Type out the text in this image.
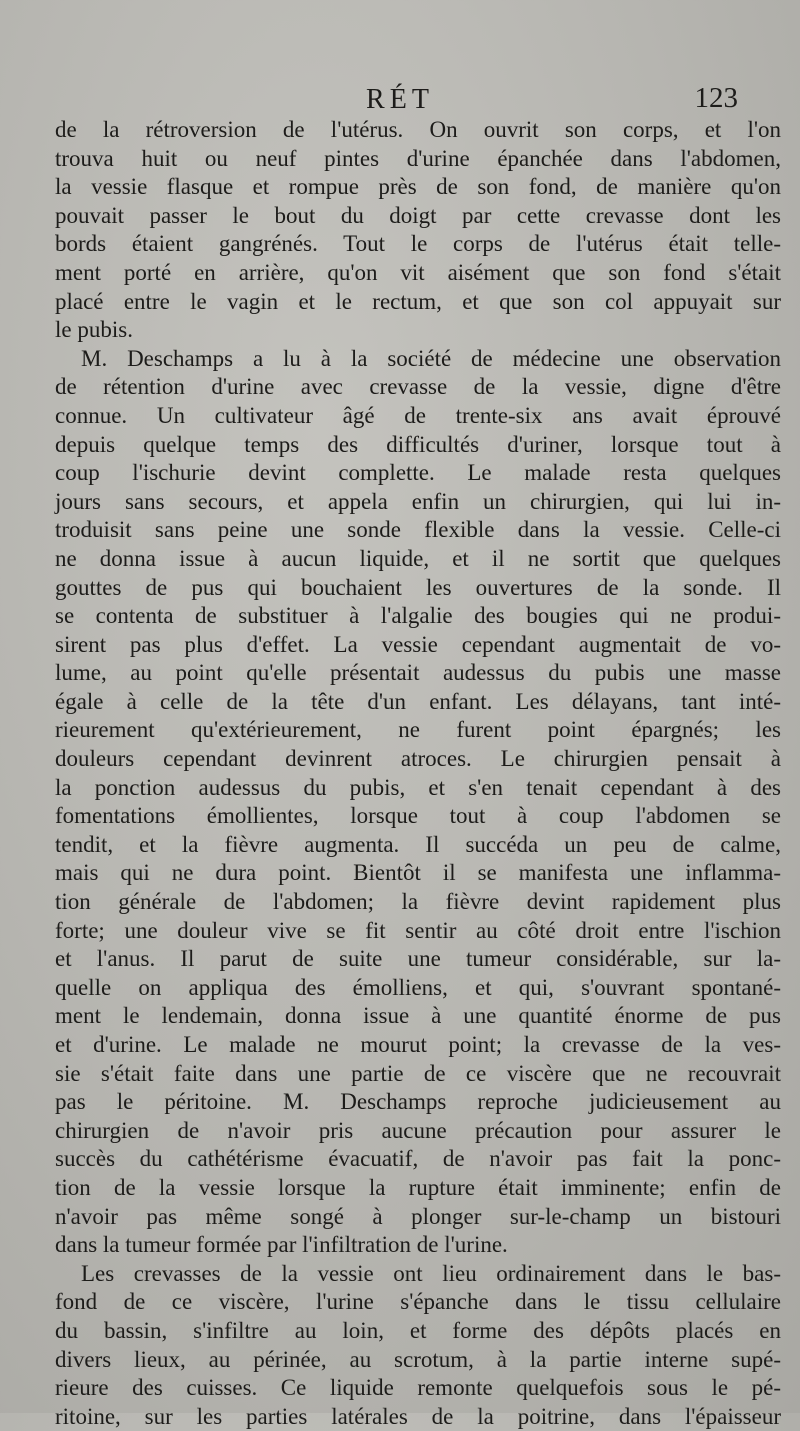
RÉT	123
de la rétroversion de l'utérus. On ouvrit son corps, et l'on
trouva huit ou neuf pintes d'urine épanchée dans l'abdomen,
la vessie flasque et rompue près de son fond, de manière qu'on
pouvait passer le bout du doigt par cette crevasse dont les
bords étaient gangrénés. Tout le corps de l'utérus était telle-
ment porté en arrière, qu'on vit aisément que son fond s'était
placé entre le vagin et le rectum, et que son col appuyait sur
le pubis.
M. Deschamps a lu à la société de médecine une observation
de rétention d'urine avec crevasse de la vessie, digne d'être
connue. Un cultivateur âgé de trente-six ans avait éprouvé
depuis quelque temps des difficultés d'uriner, lorsque tout à
coup l'ischurie devint complette. Le malade resta quelques
jours sans secours, et appela enfin un chirurgien, qui lui in-
troduisit sans peine une sonde flexible dans la vessie. Celle-ci
ne donna issue à aucun liquide, et il ne sortit que quelques
gouttes de pus qui bouchaient les ouvertures de la sonde. Il
se contenta de substituer à l'algalie des bougies qui ne produi-
sirent pas plus d'effet. La vessie cependant augmentait de vo-
lume, au point qu'elle présentait audessus du pubis une masse
égale à celle de la tête d'un enfant. Les délayans, tant inté-
rieurement qu'extérieurement, ne furent point épargnés; les
douleurs cependant devinrent atroces. Le chirurgien pensait à
la ponction audessus du pubis, et s'en tenait cependant à des
fomentations émollientes, lorsque tout à coup l'abdomen se
tendit, et la fièvre augmenta. Il succéda un peu de calme,
mais qui ne dura point. Bientôt il se manifesta une inflamma-
tion générale de l'abdomen; la fièvre devint rapidement plus
forte; une douleur vive se fit sentir au côté droit entre l'ischion
et l'anus. Il parut de suite une tumeur considérable, sur la-
quelle on appliqua des émolliens, et qui, s'ouvrant spontané-
ment le lendemain, donna issue à une quantité énorme de pus
et d'urine. Le malade ne mourut point; la crevasse de la ves-
sie s'était faite dans une partie de ce viscère que ne recouvrait
pas le péritoine. M. Deschamps reproche judicieusement au
chirurgien de n'avoir pris aucune précaution pour assurer le
succès du cathétérisme évacuatif, de n'avoir pas fait la ponc-
tion de la vessie lorsque la rupture était imminente; enfin de
n'avoir pas même songé à plonger sur-le-champ un bistouri
dans la tumeur formée par l'infiltration de l'urine.
Les crevasses de la vessie ont lieu ordinairement dans le bas-
fond de ce viscère, l'urine s'épanche dans le tissu cellulaire
du bassin, s'infiltre au loin, et forme des dépôts placés en
divers lieux, au périnée, au scrotum, à la partie interne supé-
rieure des cuisses. Ce liquide remonte quelquefois sous le pé-
ritoine, sur les parties latérales de la poitrine, dans l'épaisseur
